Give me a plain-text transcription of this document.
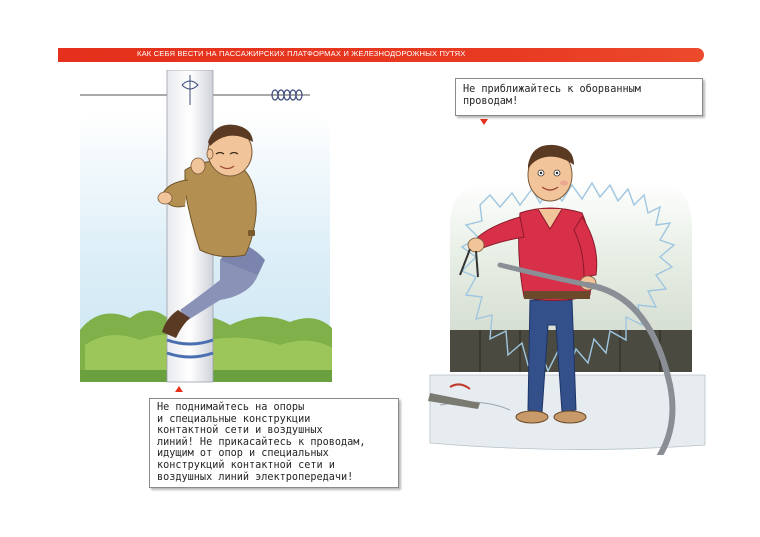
КАК СЕБЯ ВЕСТИ НА ПАССАЖИРСКИХ ПЛАТФОРМАХ И ЖЕЛЕЗНОДОРОЖНЫХ ПУТЯХ
Не поднимайтесь на опоры
и специальные конструкции
контактной сети и воздушных
линий! Не прикасайтесь к проводам,
идущим от опор и специальных
конструкций контактной сети и
воздушных линий электропередачи!
Не приближайтесь к оборванным
проводам!
